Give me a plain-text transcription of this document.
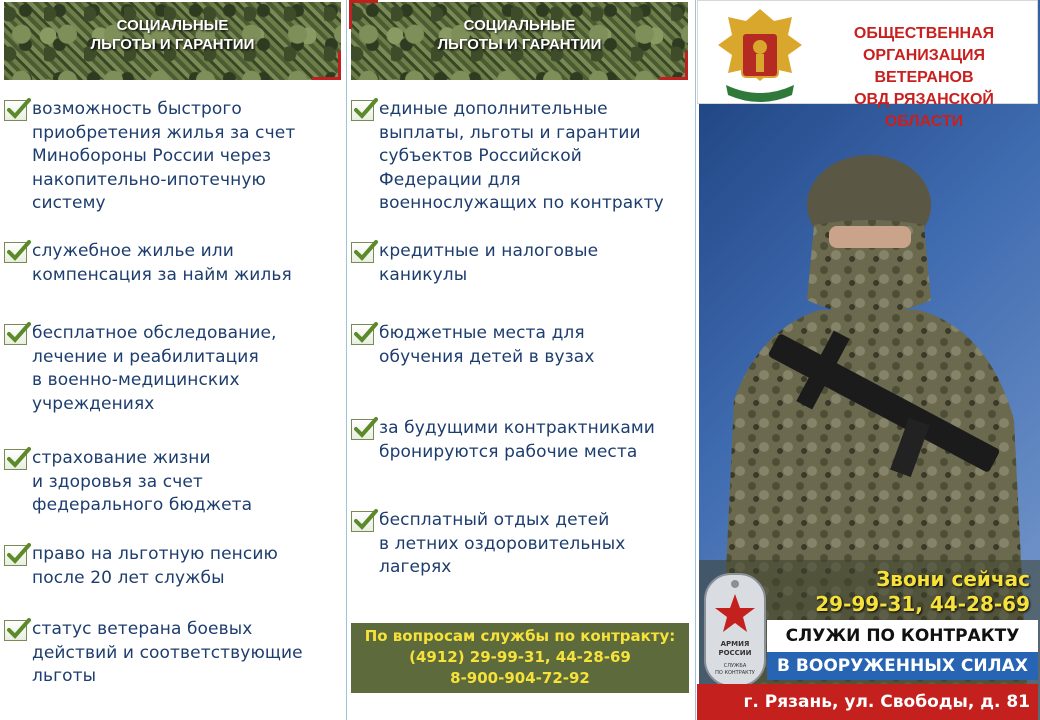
СОЦИАЛЬНЫЕ
ЛЬГОТЫ И ГАРАНТИИ
возможность быстрого
приобретения жилья за счет
Минобороны России через
накопительно-ипотечную
систему
служебное жилье или
компенсация за найм жилья
бесплатное обследование,
лечение и реабилитация
в военно-медицинских
учреждениях
страхование жизни
и здоровья за счет
федерального бюджета
право на льготную пенсию
после 20 лет службы
статус ветерана боевых
действий и соответствующие
льготы
СОЦИАЛЬНЫЕ
ЛЬГОТЫ И ГАРАНТИИ
единые дополнительные
выплаты, льготы и гарантии
субъектов Российской
Федерации для
военнослужащих по контракту
кредитные и налоговые
каникулы
бюджетные места для
обучения детей в вузах
за будущими контрактниками
бронируются рабочие места
бесплатный отдых детей
в летних оздоровительных
лагерях
По вопросам службы по контракту:
(4912) 29-99-31, 44-28-69
8-900-904-72-92
ОБЩЕСТВЕННАЯ
ОРГАНИЗАЦИЯ ВЕТЕРАНОВ
ОВД РЯЗАНСКОЙ ОБЛАСТИ
Звони сейчас
29-99-31, 44-28-69
АРМИЯ
РОССИИ
СЛУЖБА
ПО КОНТРАКТУ
СЛУЖИ ПО КОНТРАКТУ
В ВООРУЖЕННЫХ СИЛАХ
г. Рязань, ул. Свободы, д. 81
